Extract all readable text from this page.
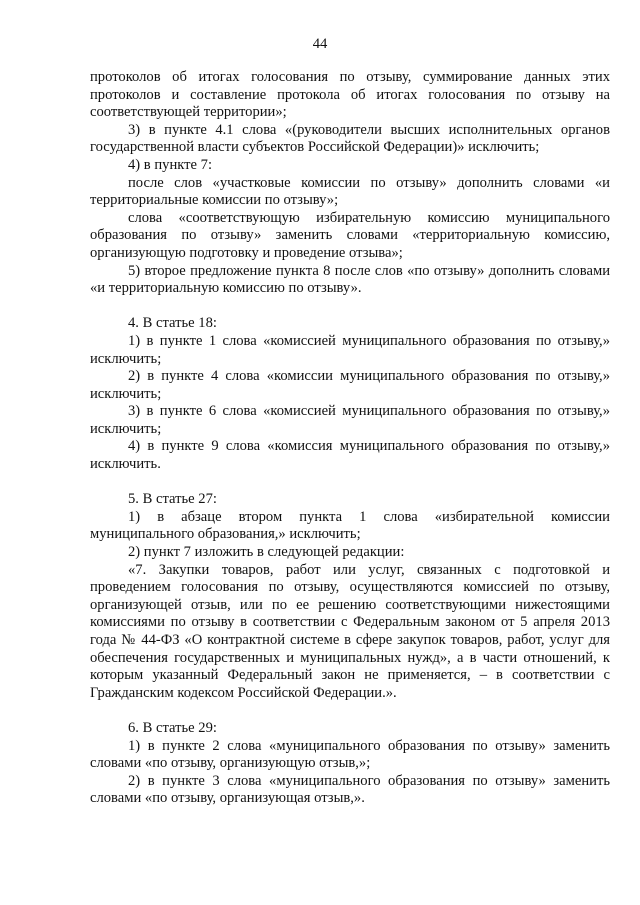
44

протоколов об итогах голосования по отзыву, суммирование данных этих протоколов и составление протокола об итогах голосования по отзыву на соответствующей территории»;

3) в пункте 4.1 слова «(руководители высших исполнительных органов государственной власти субъектов Российской Федерации)» исключить;

4) в пункте 7:

после слов «участковые комиссии по отзыву» дополнить словами «и территориальные комиссии по отзыву»;

слова «соответствующую избирательную комиссию муниципального образования по отзыву» заменить словами «территориальную комиссию, организующую подготовку и проведение отзыва»;

5) второе предложение пункта 8 после слов «по отзыву» дополнить словами «и территориальную комиссию по отзыву».

4. В статье 18:

1) в пункте 1 слова «комиссией муниципального образования по отзыву,» исключить;

2) в пункте 4 слова «комиссии муниципального образования по отзыву,» исключить;

3) в пункте 6 слова «комиссией муниципального образования по отзыву,» исключить;

4) в пункте 9 слова «комиссия муниципального образования по отзыву,» исключить.

5. В статье 27:

1) в абзаце втором пункта 1 слова «избирательной комиссии муниципального образования,» исключить;

2) пункт 7 изложить в следующей редакции:

«7. Закупки товаров, работ или услуг, связанных с подготовкой и проведением голосования по отзыву, осуществляются комиссией по отзыву, организующей отзыв, или по ее решению соответствующими нижестоящими комиссиями по отзыву в соответствии с Федеральным законом от 5 апреля 2013 года № 44-ФЗ «О контрактной системе в сфере закупок товаров, работ, услуг для обеспечения государственных и муниципальных нужд», а в части отношений, к которым указанный Федеральный закон не применяется, – в соответствии с Гражданским кодексом Российской Федерации.».

6. В статье 29:

1) в пункте 2 слова «муниципального образования по отзыву» заменить словами «по отзыву, организующую отзыв,»;

2) в пункте 3 слова «муниципального образования по отзыву» заменить словами «по отзыву, организующая отзыв,».
